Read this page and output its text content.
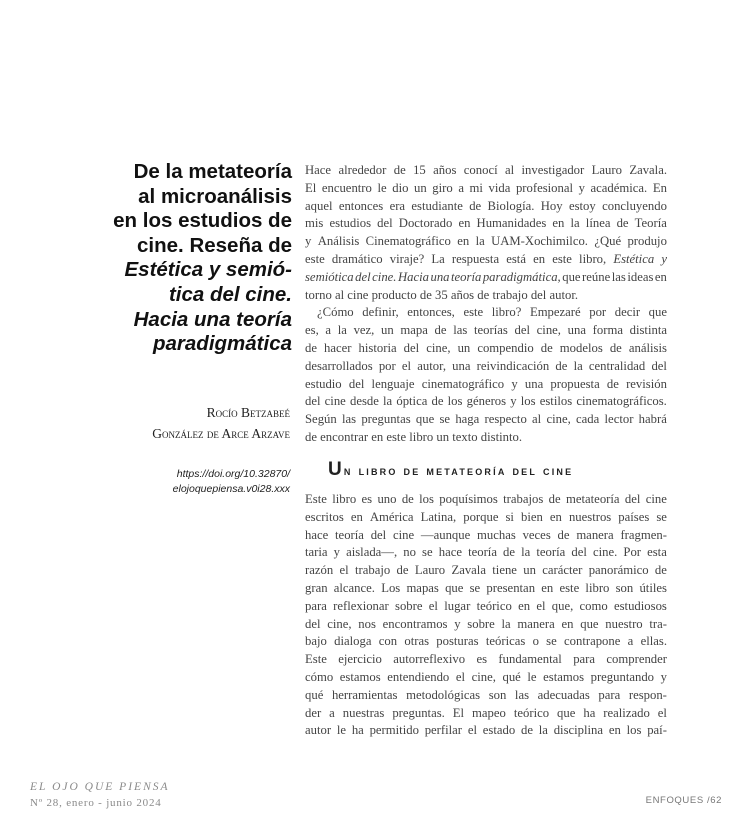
De la metateoría
al microanálisis
en los estudios de
cine. Reseña de
Estética y semió-
tica del cine.
Hacia una teoría
paradigmática
Rocío Betzabeé
González de Arce Arzave
https://doi.org/10.32870/
elojoquepiensa.v0i28.xxx
Hace alrededor de 15 años conocí al investigador Lauro Zavala.
El encuentro le dio un giro a mi vida profesional y académica. En
aquel entonces era estudiante de Biología. Hoy estoy concluyendo
mis estudios del Doctorado en Humanidades en la línea de Teoría
y Análisis Cinematográfico en la UAM-Xochimilco. ¿Qué produjo
este dramático viraje? La respuesta está en este libro, Estética y
semiótica del cine. Hacia una teoría paradigmática, que reúne las ideas en
torno al cine producto de 35 años de trabajo del autor.
¿Cómo definir, entonces, este libro? Empezaré por decir que
es, a la vez, un mapa de las teorías del cine, una forma distinta
de hacer historia del cine, un compendio de modelos de análisis
desarrollados por el autor, una reivindicación de la centralidad del
estudio del lenguaje cinematográfico y una propuesta de revisión
del cine desde la óptica de los géneros y los estilos cinematográficos.
Según las preguntas que se haga respecto al cine, cada lector habrá
de encontrar en este libro un texto distinto.
Un libro de metateoría del cine
Este libro es uno de los poquísimos trabajos de metateoría del cine
escritos en América Latina, porque si bien en nuestros países se
hace teoría del cine —aunque muchas veces de manera fragmen-
taria y aislada—, no se hace teoría de la teoría del cine. Por esta
razón el trabajo de Lauro Zavala tiene un carácter panorámico de
gran alcance. Los mapas que se presentan en este libro son útiles
para reflexionar sobre el lugar teórico en el que, como estudiosos
del cine, nos encontramos y sobre la manera en que nuestro tra-
bajo dialoga con otras posturas teóricas o se contrapone a ellas.
Este ejercicio autorreflexivo es fundamental para comprender
cómo estamos entendiendo el cine, qué le estamos preguntando y
qué herramientas metodológicas son las adecuadas para respon-
der a nuestras preguntas. El mapeo teórico que ha realizado el
autor le ha permitido perfilar el estado de la disciplina en los paí-
EL OJO QUE PIENSA
Nº 28, enero - junio 2024	ENFOQUES /62
